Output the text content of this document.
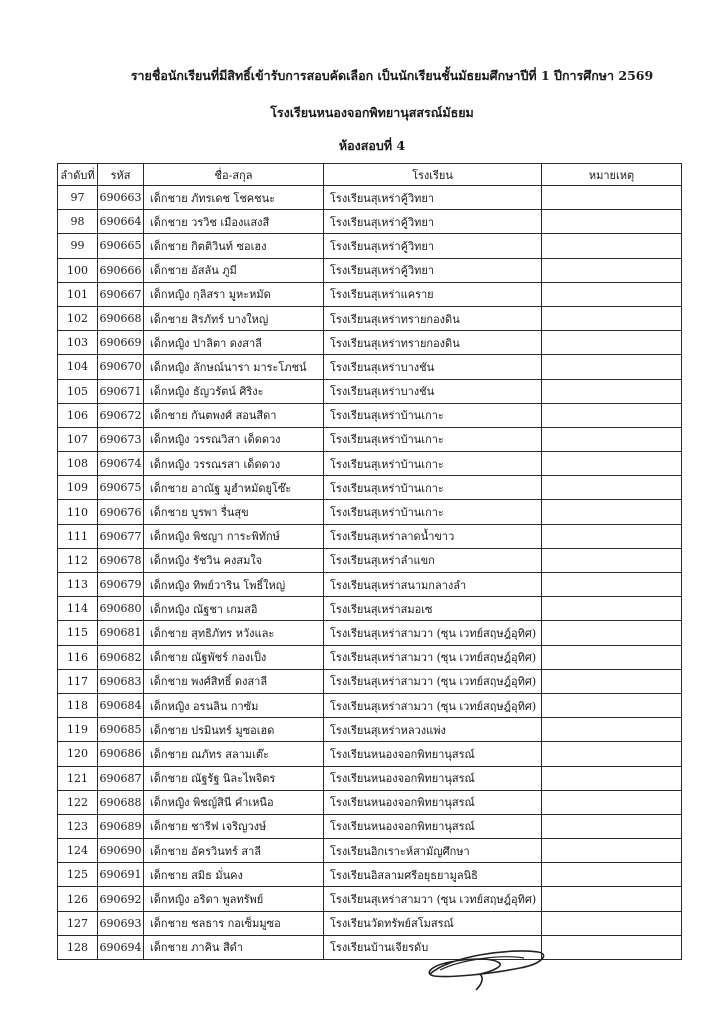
รายชื่อนักเรียนที่มีสิทธิ์เข้ารับการสอบคัดเลือก เป็นนักเรียนชั้นมัธยมศึกษาปีที่ 1 ปีการศึกษา 2569
โรงเรียนหนองจอกพิทยานุสสรณ์มัธยม
ห้องสอบที่ 4
ลำดับที่	รหัส	ชื่อ-สกุล	โรงเรียน	หมายเหตุ
97	690663	เด็กชาย ภัทรเดช โชคชนะ	โรงเรียนสุเหร่าคู้วิทยา	
98	690664	เด็กชาย วรวิช เมืองแสงสี	โรงเรียนสุเหร่าคู้วิทยา	
99	690665	เด็กชาย กิตติวินท์ ซอเฮง	โรงเรียนสุเหร่าคู้วิทยา	
100	690666	เด็กชาย อัสลัน ภูมี	โรงเรียนสุเหร่าคู้วิทยา	
101	690667	เด็กหญิง กุลิสรา มูหะหมัด	โรงเรียนสุเหร่าแคราย	
102	690668	เด็กชาย สิรภัทร์ บางใหญ่	โรงเรียนสุเหร่าทรายกองดิน	
103	690669	เด็กหญิง ปาลิตา ดงสาลี	โรงเรียนสุเหร่าทรายกองดิน	
104	690670	เด็กหญิง ลักษณ์นารา มาระโภชน์	โรงเรียนสุเหร่าบางชัน	
105	690671	เด็กหญิง ธัญวรัตน์ ศิริงะ	โรงเรียนสุเหร่าบางชัน	
106	690672	เด็กชาย กันตพงศ์ สอนสีดา	โรงเรียนสุเหร่าบ้านเกาะ	
107	690673	เด็กหญิง วรรณวิสา เด็ดดวง	โรงเรียนสุเหร่าบ้านเกาะ	
108	690674	เด็กหญิง วรรณรสา เด็ดดวง	โรงเรียนสุเหร่าบ้านเกาะ	
109	690675	เด็กชาย อาณัฐ มูฮำหมัดยูโซ๊ะ	โรงเรียนสุเหร่าบ้านเกาะ	
110	690676	เด็กชาย บูรพา รื่นสุข	โรงเรียนสุเหร่าบ้านเกาะ	
111	690677	เด็กหญิง พิชญา การะพิทักษ์	โรงเรียนสุเหร่าลาดน้ำขาว	
112	690678	เด็กหญิง รัชวิน คงสมใจ	โรงเรียนสุเหร่าลำแขก	
113	690679	เด็กหญิง ทิพย์วาริน โพธิ์ใหญ่	โรงเรียนสุเหร่าสนามกลางลำ	
114	690680	เด็กหญิง ณัฐชา เกมสอิ	โรงเรียนสุเหร่าสมอเซ	
115	690681	เด็กชาย สุทธิภัทร หวังและ	โรงเรียนสุเหร่าสามวา (ซุน เวทย์สฤษฎ์อุทิศ)	
116	690682	เด็กชาย ณัฐพัชร์ กองเป็ง	โรงเรียนสุเหร่าสามวา (ซุน เวทย์สฤษฎ์อุทิศ)	
117	690683	เด็กชาย พงศ์สิทธิ์ ดงสาลี	โรงเรียนสุเหร่าสามวา (ซุน เวทย์สฤษฎ์อุทิศ)	
118	690684	เด็กหญิง อรนลิน กาซัม	โรงเรียนสุเหร่าสามวา (ซุน เวทย์สฤษฎ์อุทิศ)	
119	690685	เด็กชาย ปรมินทร์ มูซอเฮด	โรงเรียนสุเหร่าหลวงแพ่ง	
120	690686	เด็กชาย ณภัทร สลามเต๊ะ	โรงเรียนหนองจอกพิทยานุสรณ์	
121	690687	เด็กชาย ณัฐรัฐ นิละไพจิตร	โรงเรียนหนองจอกพิทยานุสรณ์	
122	690688	เด็กหญิง พิชญ์สินี คำเหนือ	โรงเรียนหนองจอกพิทยานุสรณ์	
123	690689	เด็กชาย ชารีฟ เจริญวงษ์	โรงเรียนหนองจอกพิทยานุสรณ์	
124	690690	เด็กชาย อัครวินทร์ สาลี	โรงเรียนอิกเราะห์สามัญศึกษา	
125	690691	เด็กชาย สมิธ มั่นคง	โรงเรียนอิสลามศรีอยุธยามูลนิธิ	
126	690692	เด็กหญิง อริดา พูลทรัพย์	โรงเรียนสุเหร่าสามวา (ซุน เวทย์สฤษฎ์อุทิศ)	
127	690693	เด็กชาย ชลธาร กอเซ็มมูซอ	โรงเรียนวัดทรัพย์สโมสรณ์	
128	690694	เด็กชาย ภาคิน สีดำ	โรงเรียนบ้านเจียรดับ	
